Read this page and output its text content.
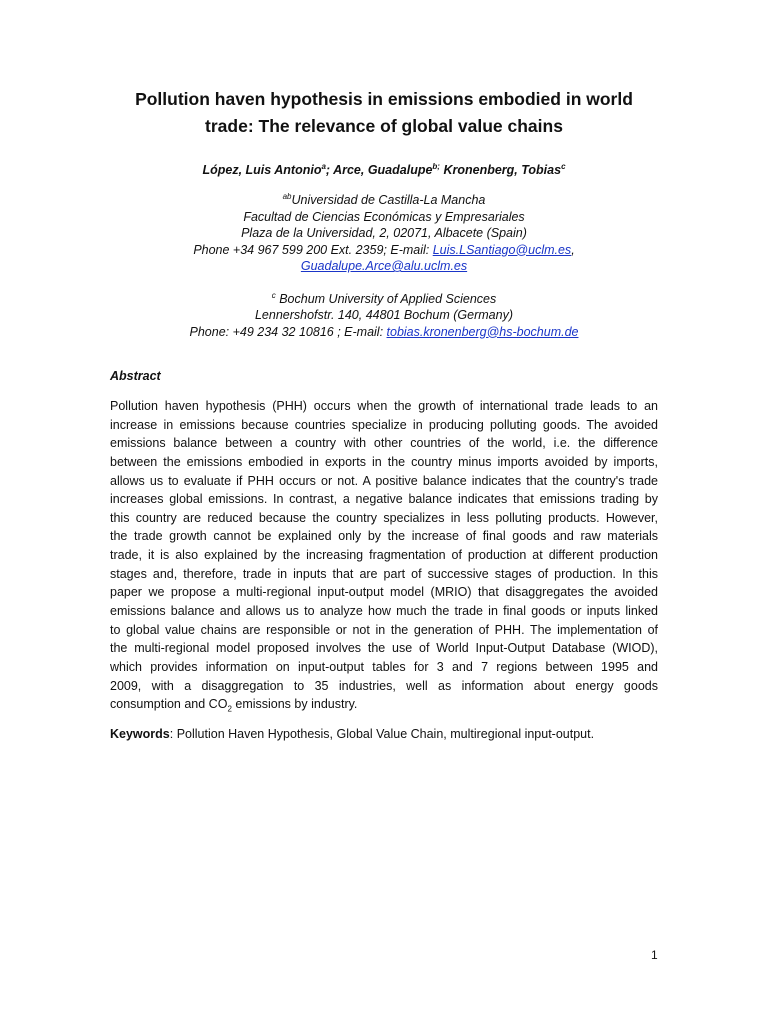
Pollution haven hypothesis in emissions embodied in world
trade: The relevance of global value chains
López, Luis Antonio$^a$; Arce, Guadalupe$^{b;}$ Kronenberg, Tobias$^c$
$^{ab}$Universidad de Castilla-La Mancha
Facultad de Ciencias Económicas y Empresariales
Plaza de la Universidad, 2, 02071, Albacete (Spain)
Phone +34 967 599 200 Ext. 2359; E-mail: Luis.LSantiago@uclm.es,
Guadalupe.Arce@alu.uclm.es
$^c$ Bochum University of Applied Sciences
Lennershofstr. 140, 44801 Bochum (Germany)
Phone: +49 234 32 10816 ; E-mail: tobias.kronenberg@hs-bochum.de
Abstract
Pollution haven hypothesis (PHH) occurs when the growth of international trade leads to an
increase in emissions because countries specialize in producing polluting goods. The avoided
emissions balance between a country with other countries of the world, i.e. the difference
between the emissions embodied in exports in the country minus imports avoided by imports,
allows us to evaluate if PHH occurs or not. A positive balance indicates that the country's trade
increases global emissions. In contrast, a negative balance indicates that emissions trading by
this country are reduced because the country specializes in less polluting products. However,
the trade growth cannot be explained only by the increase of final goods and raw materials
trade, it is also explained by the increasing fragmentation of production at different production
stages and, therefore, trade in inputs that are part of successive stages of production. In this
paper we propose a multi-regional input-output model (MRIO) that disaggregates the avoided
emissions balance and allows us to analyze how much the trade in final goods or inputs linked
to global value chains are responsible or not in the generation of PHH. The implementation of
the multi-regional model proposed involves the use of World Input-Output Database (WIOD),
which provides information on input-output tables for 3 and 7 regions between 1995 and
2009, with a disaggregation to 35 industries, well as information about energy goods
consumption and $CO_2$ emissions by industry.
Keywords: Pollution Haven Hypothesis, Global Value Chain, multiregional input-output.
1
